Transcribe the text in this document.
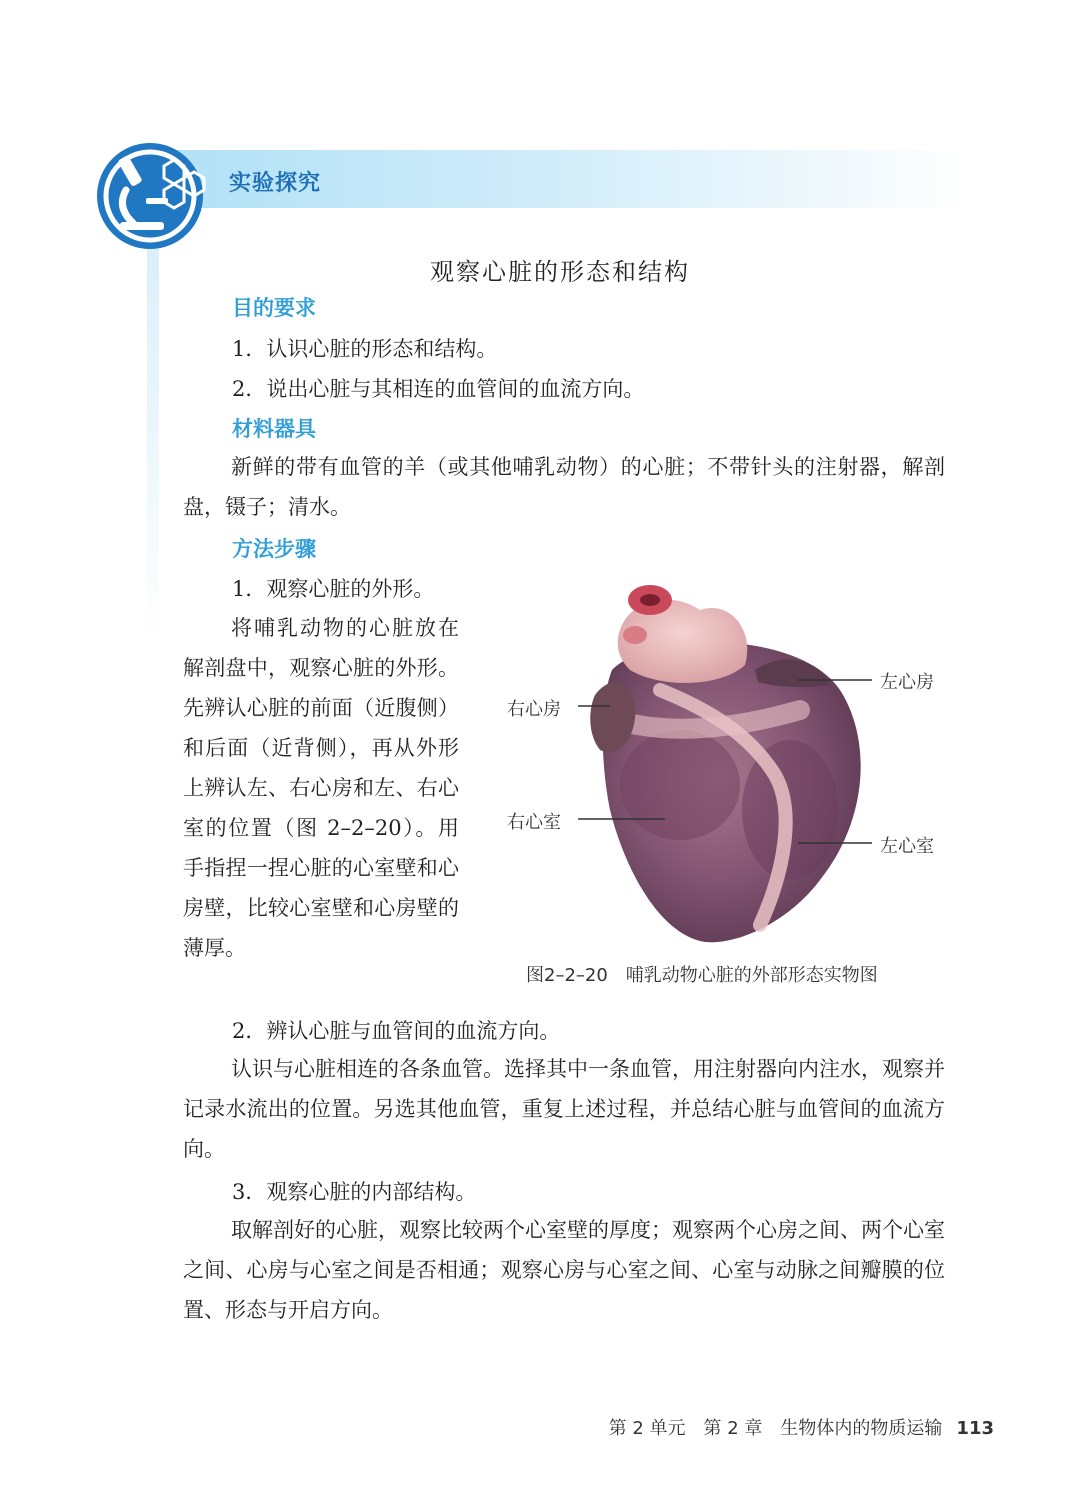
实验探究
观察心脏的形态和结构
目的要求
1．认识心脏的形态和结构。
2．说出心脏与其相连的血管间的血流方向。
材料器具
新鲜的带有血管的羊（或其他哺乳动物）的心脏；不带针头的注射器，解剖盘，镊子；清水。
方法步骤
1．观察心脏的外形。
将哺乳动物的心脏放在解剖盘中，观察心脏的外形。先辨认心脏的前面（近腹侧）和后面（近背侧），再从外形上辨认左、右心房和左、右心室的位置（图 2–2–20）。用手指捏一捏心脏的心室壁和心房壁，比较心室壁和心房壁的薄厚。
右心房
右心室
左心房
左心室
图2–2–20　哺乳动物心脏的外部形态实物图
2．辨认心脏与血管间的血流方向。
认识与心脏相连的各条血管。选择其中一条血管，用注射器向内注水，观察并记录水流出的位置。另选其他血管，重复上述过程，并总结心脏与血管间的血流方向。
3．观察心脏的内部结构。
取解剖好的心脏，观察比较两个心室壁的厚度；观察两个心房之间、两个心室之间、心房与心室之间是否相通；观察心房与心室之间、心室与动脉之间瓣膜的位置、形态与开启方向。
第 2 单元 第 2 章 生物体内的物质运输 113
